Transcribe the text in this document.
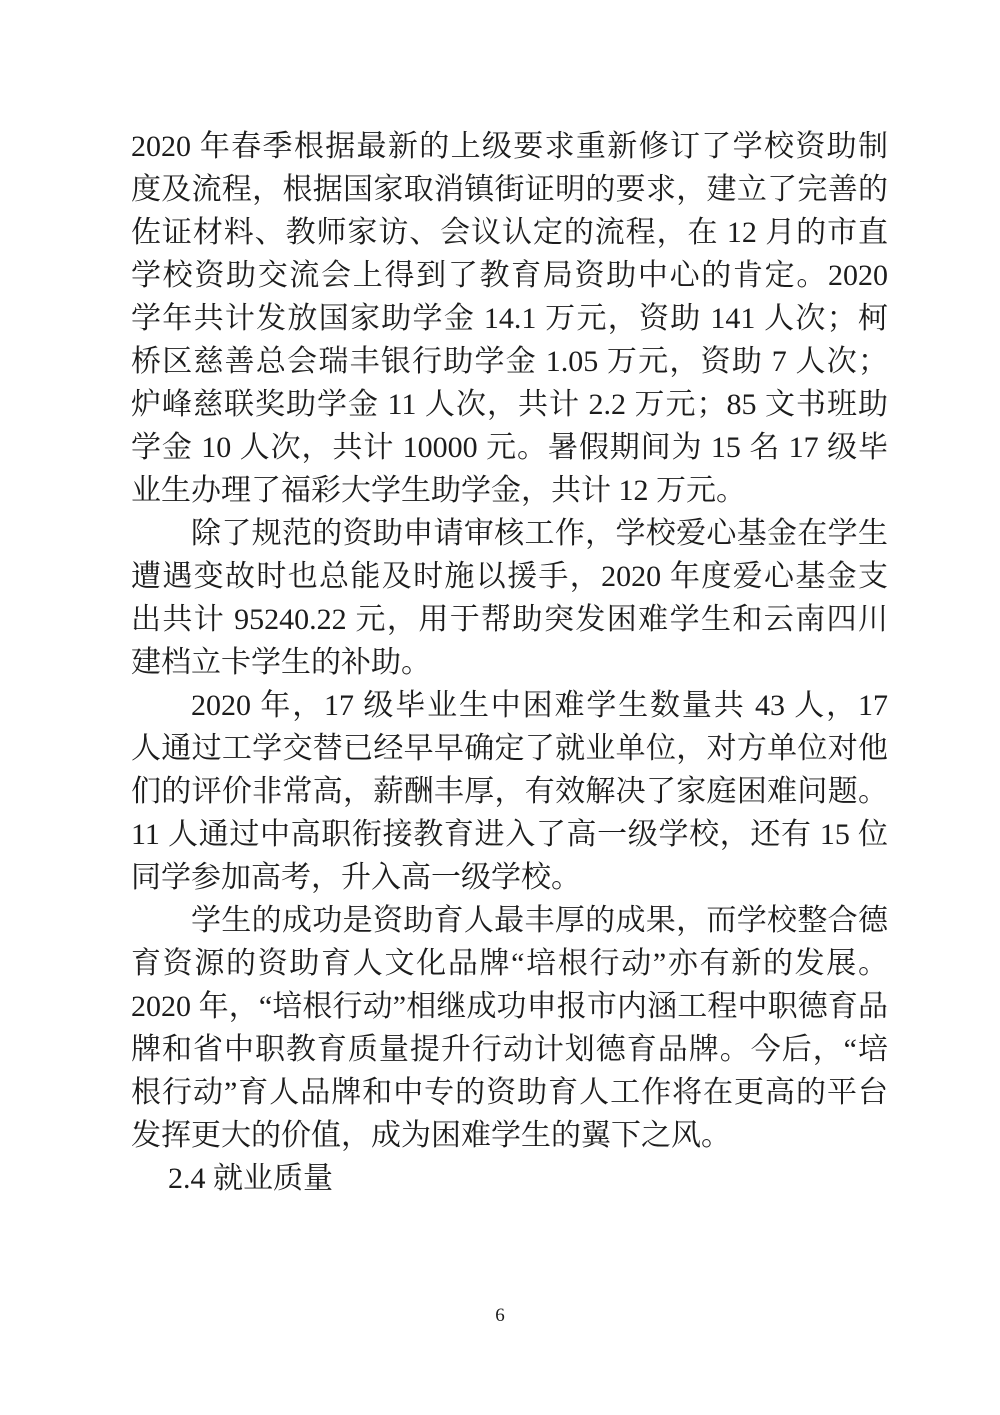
2020 年春季根据最新的上级要求重新修订了学校资助制度及流程，根据国家取消镇街证明的要求，建立了完善的佐证材料、教师家访、会议认定的流程，在 12 月的市直学校资助交流会上得到了教育局资助中心的肯定。2020 学年共计发放国家助学金 14.1 万元，资助 141 人次；柯桥区慈善总会瑞丰银行助学金 1.05 万元，资助 7 人次；炉峰慈联奖助学金 11 人次，共计 2.2 万元；85 文书班助学金 10 人次，共计 10000 元。暑假期间为 15 名 17 级毕业生办理了福彩大学生助学金，共计 12 万元。

除了规范的资助申请审核工作，学校爱心基金在学生遭遇变故时也总能及时施以援手，2020 年度爱心基金支出共计 95240.22 元，用于帮助突发困难学生和云南四川建档立卡学生的补助。

2020 年，17 级毕业生中困难学生数量共 43 人，17 人通过工学交替已经早早确定了就业单位，对方单位对他们的评价非常高，薪酬丰厚，有效解决了家庭困难问题。11 人通过中高职衔接教育进入了高一级学校，还有 15 位同学参加高考，升入高一级学校。

学生的成功是资助育人最丰厚的成果，而学校整合德育资源的资助育人文化品牌“培根行动”亦有新的发展。2020 年，“培根行动”相继成功申报市内涵工程中职德育品牌和省中职教育质量提升行动计划德育品牌。今后，“培根行动”育人品牌和中专的资助育人工作将在更高的平台发挥更大的价值，成为困难学生的翼下之风。

2.4 就业质量
6
